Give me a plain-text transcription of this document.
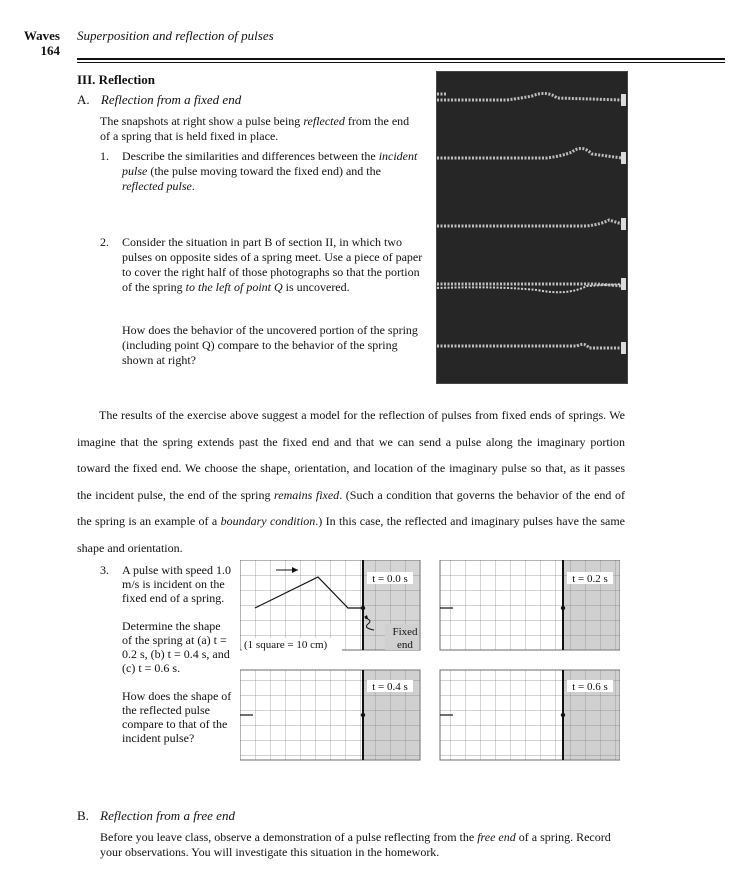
Waves
164
Superposition and reflection of pulses
III. Reflection
A. Reflection from a fixed end
The snapshots at right show a pulse being reflected from the end of a spring that is held fixed in place.
1. Describe the similarities and differences between the incident pulse (the pulse moving toward the fixed end) and the reflected pulse.
2. Consider the situation in part B of section II, in which two pulses on opposite sides of a spring meet. Use a piece of paper to cover the right half of those photographs so that the portion of the spring to the left of point Q is uncovered.
How does the behavior of the uncovered portion of the spring (including point Q) compare to the behavior of the spring shown at right?
The results of the exercise above suggest a model for the reflection of pulses from fixed ends of springs. We imagine that the spring extends past the fixed end and that we can send a pulse along the imaginary portion toward the fixed end. We choose the shape, orientation, and location of the imaginary pulse so that, as it passes the incident pulse, the end of the spring remains fixed. (Such a condition that governs the behavior of the end of the spring is an example of a boundary condition.) In this case, the reflected and imaginary pulses have the same shape and orientation.
3. A pulse with speed 1.0 m/s is incident on the fixed end of a spring.

Determine the shape of the spring at (a) t = 0.2 s, (b) t = 0.4 s, and (c) t = 0.6 s.

How does the shape of the reflected pulse compare to that of the incident pulse?

t = 0.0 s	t = 0.2 s
t = 0.4 s	t = 0.6 s
(1 square = 10 cm)
Fixed
end
B. Reflection from a free end
Before you leave class, observe a demonstration of a pulse reflecting from the free end of a spring. Record your observations. You will investigate this situation in the homework.
